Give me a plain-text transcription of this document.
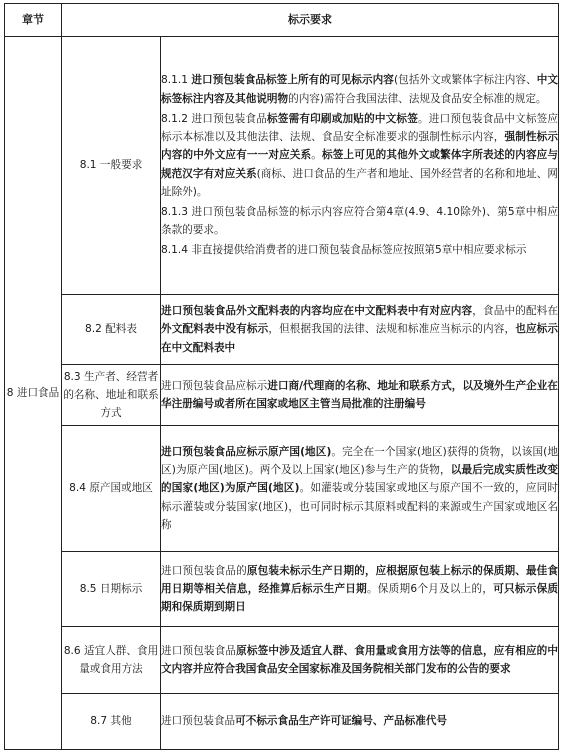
章节	标示要求	
8 进口食品	8.1 一般要求	8.1.1 进口预包装食品标签上所有的可见标示内容(包括外文或繁体字标注内容、中文标签标注内容及其他说明物的内容)需符合我国法律、法规及食品安全标准的规定。
8.1.2 进口预包装食品标签需有印刷或加贴的中文标签。进口预包装食品中文标签应标示本标准以及其他法律、法规、食品安全标准要求的强制性标示内容，强制性标示内容的中外文应有一一对应关系。标签上可见的其他外文或繁体字所表述的内容应与规范汉字有对应关系(商标、进口食品的生产者和地址、国外经营者的名称和地址、网址除外)。
8.1.3 进口预包装食品标签的标示内容应符合第4章(4.9、4.10除外)、第5章中相应条款的要求。
8.1.4 非直接提供给消费者的进口预包装食品标签应按照第5章中相应要求标示

	8.2 配料表	进口预包装食品外文配料表的内容均应在中文配料表中有对应内容，食品中的配料在外文配料表中没有标示，但根据我国的法律、法规和标准应当标示的内容，也应标示在中文配料表中

	8.3 生产者、经营者的名称、地址和联系方式	进口预包装食品应标示进口商/代理商的名称、地址和联系方式，以及境外生产企业在华注册编号或者所在国家或地区主管当局批准的注册编号

	8.4 原产国或地区	进口预包装食品应标示原产国(地区)。完全在一个国家(地区)获得的货物，以该国(地区)为原产国(地区)。两个及以上国家(地区)参与生产的货物，以最后完成实质性改变的国家(地区)为原产国(地区)。如灌装或分装国家或地区与原产国不一致的，应同时标示灌装或分装国家(地区)，也可同时标示其原料或配料的来源或生产国家或地区名称

	8.5 日期标示	进口预包装食品的原包装未标示生产日期的，应根据原包装上标示的保质期、最佳食用日期等相关信息，经推算后标示生产日期。保质期6个月及以上的，可只标示保质期和保质期到期日

	8.6 适宜人群、食用量或食用方法	进口预包装食品原标签中涉及适宜人群、食用量或食用方法等的信息，应有相应的中文内容并应符合我国食品安全国家标准及国务院相关部门发布的公告的要求

	8.7 其他	进口预包装食品可不标示食品生产许可证编号、产品标准代号
